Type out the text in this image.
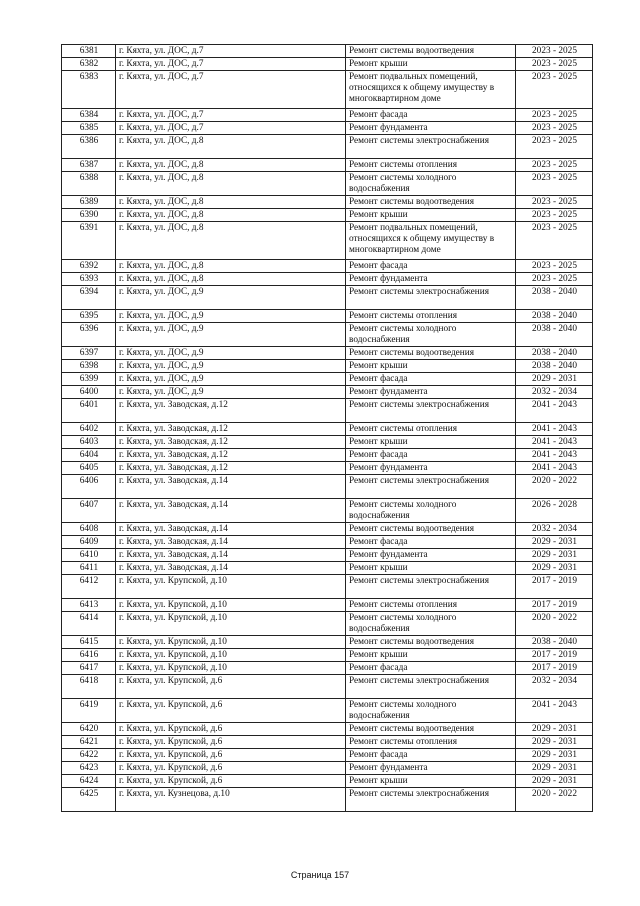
6381	г. Кяхта, ул. ДОС, д.7	Ремонт системы водоотведения	2023 - 2025
6382	г. Кяхта, ул. ДОС, д.7	Ремонт крыши	2023 - 2025
6383	г. Кяхта, ул. ДОС, д.7	Ремонт подвальных помещений, относящихся к общему имуществу в многоквартирном доме	2023 - 2025
6384	г. Кяхта, ул. ДОС, д.7	Ремонт фасада	2023 - 2025
6385	г. Кяхта, ул. ДОС, д.7	Ремонт фундамента	2023 - 2025
6386	г. Кяхта, ул. ДОС, д.8	Ремонт системы электроснабжения	2023 - 2025
6387	г. Кяхта, ул. ДОС, д.8	Ремонт системы отопления	2023 - 2025
6388	г. Кяхта, ул. ДОС, д.8	Ремонт системы холодного водоснабжения	2023 - 2025
6389	г. Кяхта, ул. ДОС, д.8	Ремонт системы водоотведения	2023 - 2025
6390	г. Кяхта, ул. ДОС, д.8	Ремонт крыши	2023 - 2025
6391	г. Кяхта, ул. ДОС, д.8	Ремонт подвальных помещений, относящихся к общему имуществу в многоквартирном доме	2023 - 2025
6392	г. Кяхта, ул. ДОС, д.8	Ремонт фасада	2023 - 2025
6393	г. Кяхта, ул. ДОС, д.8	Ремонт фундамента	2023 - 2025
6394	г. Кяхта, ул. ДОС, д.9	Ремонт системы электроснабжения	2038 - 2040
6395	г. Кяхта, ул. ДОС, д.9	Ремонт системы отопления	2038 - 2040
6396	г. Кяхта, ул. ДОС, д.9	Ремонт системы холодного водоснабжения	2038 - 2040
6397	г. Кяхта, ул. ДОС, д.9	Ремонт системы водоотведения	2038 - 2040
6398	г. Кяхта, ул. ДОС, д.9	Ремонт крыши	2038 - 2040
6399	г. Кяхта, ул. ДОС, д.9	Ремонт фасада	2029 - 2031
6400	г. Кяхта, ул. ДОС, д.9	Ремонт фундамента	2032 - 2034
6401	г. Кяхта, ул. Заводская, д.12	Ремонт системы электроснабжения	2041 - 2043
6402	г. Кяхта, ул. Заводская, д.12	Ремонт системы отопления	2041 - 2043
6403	г. Кяхта, ул. Заводская, д.12	Ремонт крыши	2041 - 2043
6404	г. Кяхта, ул. Заводская, д.12	Ремонт фасада	2041 - 2043
6405	г. Кяхта, ул. Заводская, д.12	Ремонт фундамента	2041 - 2043
6406	г. Кяхта, ул. Заводская, д.14	Ремонт системы электроснабжения	2020 - 2022
6407	г. Кяхта, ул. Заводская, д.14	Ремонт системы холодного водоснабжения	2026 - 2028
6408	г. Кяхта, ул. Заводская, д.14	Ремонт системы водоотведения	2032 - 2034
6409	г. Кяхта, ул. Заводская, д.14	Ремонт фасада	2029 - 2031
6410	г. Кяхта, ул. Заводская, д.14	Ремонт фундамента	2029 - 2031
6411	г. Кяхта, ул. Заводская, д.14	Ремонт крыши	2029 - 2031
6412	г. Кяхта, ул. Крупской, д.10	Ремонт системы электроснабжения	2017 - 2019
6413	г. Кяхта, ул. Крупской, д.10	Ремонт системы отопления	2017 - 2019
6414	г. Кяхта, ул. Крупской, д.10	Ремонт системы холодного водоснабжения	2020 - 2022
6415	г. Кяхта, ул. Крупской, д.10	Ремонт системы водоотведения	2038 - 2040
6416	г. Кяхта, ул. Крупской, д.10	Ремонт крыши	2017 - 2019
6417	г. Кяхта, ул. Крупской, д.10	Ремонт фасада	2017 - 2019
6418	г. Кяхта, ул. Крупской, д.6	Ремонт системы электроснабжения	2032 - 2034
6419	г. Кяхта, ул. Крупской, д.6	Ремонт системы холодного водоснабжения	2041 - 2043
6420	г. Кяхта, ул. Крупской, д.6	Ремонт системы водоотведения	2029 - 2031
6421	г. Кяхта, ул. Крупской, д.6	Ремонт системы отопления	2029 - 2031
6422	г. Кяхта, ул. Крупской, д.6	Ремонт фасада	2029 - 2031
6423	г. Кяхта, ул. Крупской, д.6	Ремонт фундамента	2029 - 2031
6424	г. Кяхта, ул. Крупской, д.6	Ремонт крыши	2029 - 2031
6425	г. Кяхта, ул. Кузнецова, д.10	Ремонт системы электроснабжения	2020 - 2022
Страница 157
